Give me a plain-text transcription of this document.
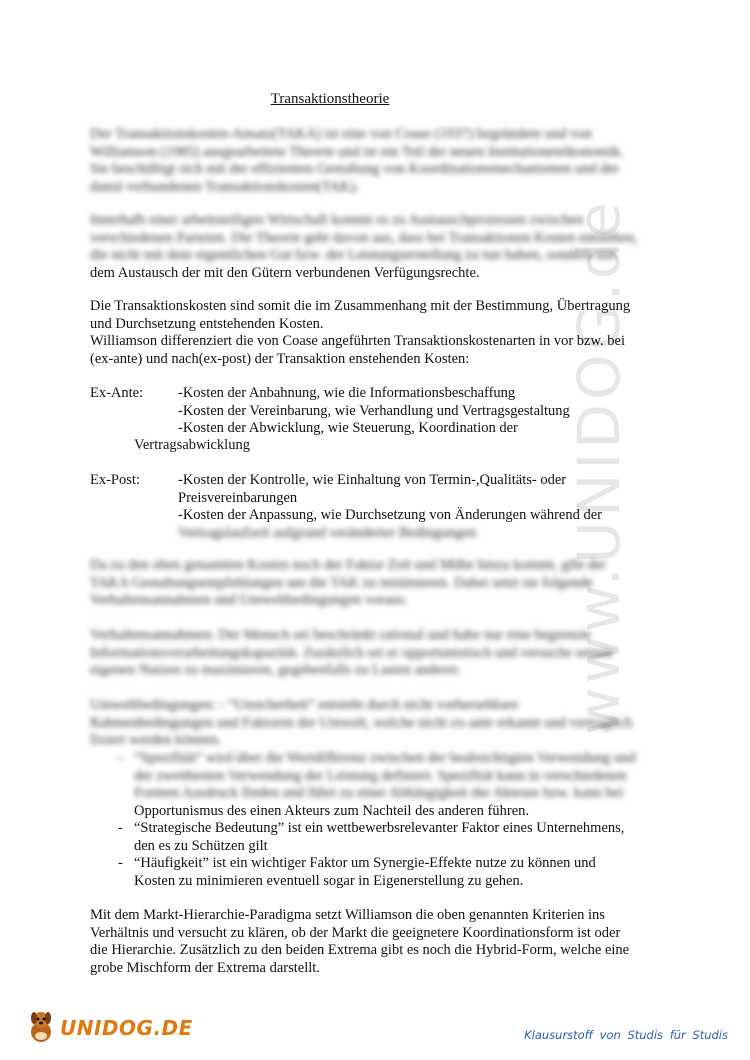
www.UNIDOG.de
Transaktionstheorie

Der Transaktionskosten-Ansatz(TAKA) ist eine von Coase (1937) begründete und von

Williamson (1985) ausgearbeitete Theorie und ist ein Teil der neuen Institutionenökonomik.

Sie beschäftigt sich mit der effizienten Gestaltung von Koordinationsmechanismen und der

damit verbundenen Transaktionskosten(TAK).

Innerhalb einer arbeitsteiligen Wirtschaft kommt es zu Austauschprozessen zwischen

verschiedenen Parteien. Die Theorie geht davon aus, dass bei Transaktionen Kosten entstehen,

die nicht mit dem eigentlichen Gut bzw. der Leistungserstellung zu tun haben, sondern mit

dem Austausch der mit den Gütern verbundenen Verfügungsrechte.

Die Transaktionskosten sind somit die im Zusammenhang mit der Bestimmung, Übertragung

und Durchsetzung entstehenden Kosten.

Williamson differenziert die von Coase angeführten Transaktionskostenarten in vor bzw. bei

(ex-ante) und nach(ex-post) der Transaktion enstehenden Kosten:

Ex-Ante: -Kosten der Anbahnung, wie die Informationsbeschaffung
-Kosten der Vereinbarung, wie Verhandlung und Vertragsgestaltung
-Kosten der Abwicklung, wie Steuerung, Koordination der
Vertragsabwicklung
Ex-Post:	-Kosten der Kontrolle, wie Einhaltung von Termin-,Qualitäts- oder
Preisvereinbarungen
-Kosten der Anpassung, wie Durchsetzung von Änderungen während der
Vertragslaufzeit aufgrund veränderter Bedingungen

Da zu den oben genannten Kosten noch der Faktor Zeit und Mühe hinzu kommt, gibt der

TAKA Gestaltungsempfehlungen um die TAK zu minimieren. Dabei setzt sie folgende

Verhaltensannahmen und Umweltbedingungen voraus:

Verhaltensannahmen: Der Mensch sei beschränkt rational und habe nur eine begrenzte

Informationsverarbeitungskapazität. Zusätzlich sei er opportunistisch und versuche seinen

eigenen Nutzen zu maximieren, gegebenfalls zu Lasten anderer.

Umweltbedingungen: - “Unsicherheit” entsteht durch nicht vorhersehbare

Rahmenbedingungen und Faktoren der Umwelt, welche nicht ex-ante erkannt und vertraglich

fixiert werden können.

- “Spezifität” wird über die Wertdifferenz zwischen der beabsichtigten Verwendung und
der zweitbesten Verwendung der Leistung definiert. Spezifität kann in verschiedenen
Formen Ausdruck finden und führt zu einer Abhängigkeit der Akteure bzw. kann bei
Opportunismus des einen Akteurs zum Nachteil des anderen führen.
- “Strategische Bedeutung” ist ein wettbewerbsrelevanter Faktor eines Unternehmens,
den es zu Schützen gilt
- “Häufigkeit” ist ein wichtiger Faktor um Synergie-Effekte nutze zu können und
Kosten zu minimieren eventuell sogar in Eigenerstellung zu gehen.

Mit dem Markt-Hierarchie-Paradigma setzt Williamson die oben genannten Kriterien ins

Verhältnis und versucht zu klären, ob der Markt die geeignetere Koordinationsform ist oder

die Hierarchie. Zusätzlich zu den beiden Extrema gibt es noch die Hybrid-Form, welche eine

grobe Mischform der Extrema darstellt.

UNIDOG.DE	Klausurstoff von Studis für Studis
